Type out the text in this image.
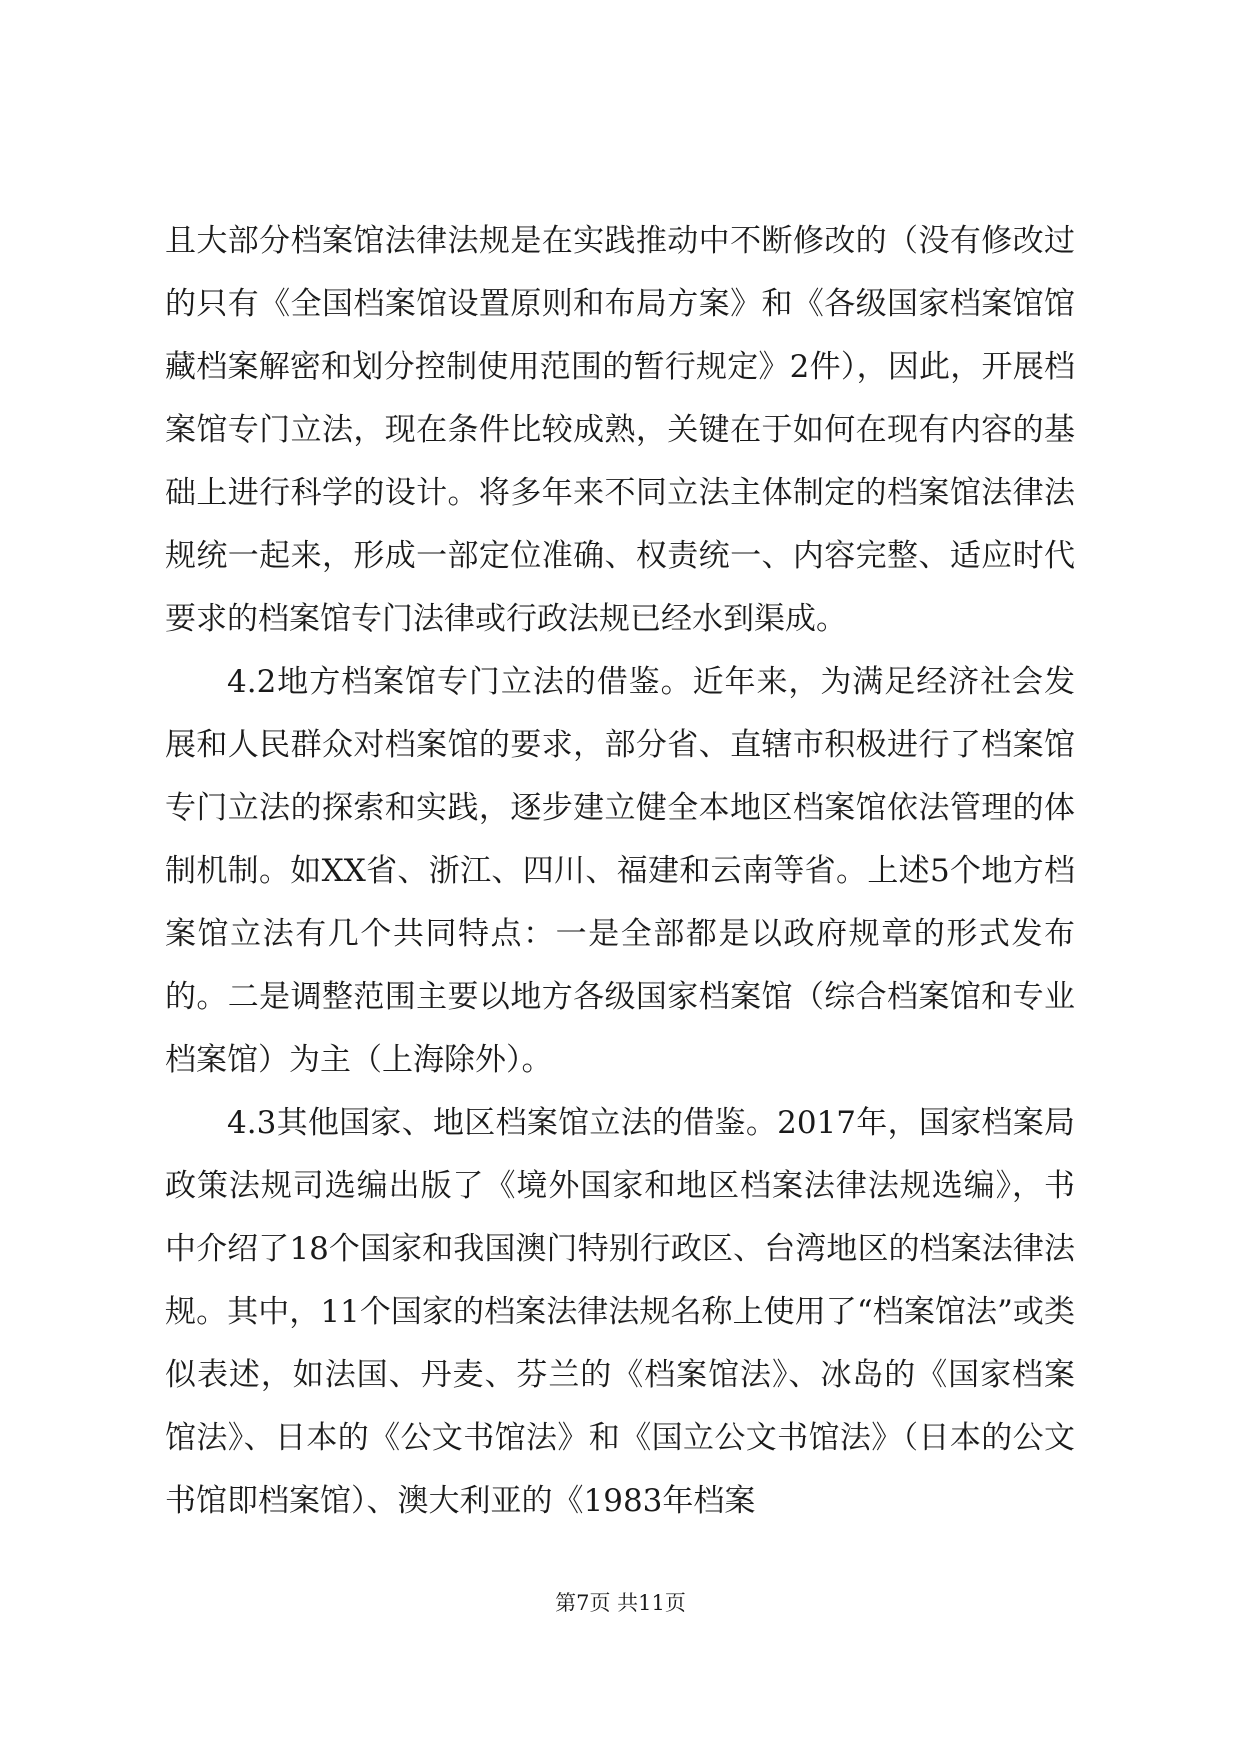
且大部分档案馆法律法规是在实践推动中不断修改的（没有修改过的只有《全国档案馆设置原则和布局方案》和《各级国家档案馆馆藏档案解密和划分控制使用范围的暂行规定》2件），因此，开展档案馆专门立法，现在条件比较成熟，关键在于如何在现有内容的基础上进行科学的设计。将多年来不同立法主体制定的档案馆法律法规统一起来，形成一部定位准确、权责统一、内容完整、适应时代要求的档案馆专门法律或行政法规已经水到渠成。

4.2地方档案馆专门立法的借鉴。近年来，为满足经济社会发展和人民群众对档案馆的要求，部分省、直辖市积极进行了档案馆专门立法的探索和实践，逐步建立健全本地区档案馆依法管理的体制机制。如XX省、浙江、四川、福建和云南等省。上述5个地方档案馆立法有几个共同特点：一是全部都是以政府规章的形式发布的。二是调整范围主要以地方各级国家档案馆（综合档案馆和专业档案馆）为主（上海除外）。

4.3其他国家、地区档案馆立法的借鉴。2017年，国家档案局政策法规司选编出版了《境外国家和地区档案法律法规选编》，书中介绍了18个国家和我国澳门特别行政区、台湾地区的档案法律法规。其中，11个国家的档案法律法规名称上使用了“档案馆法”或类似表述，如法国、丹麦、芬兰的《档案馆法》、冰岛的《国家档案馆法》、日本的《公文书馆法》和《国立公文书馆法》（日本的公文书馆即档案馆）、澳大利亚的《1983年档案

第7页 共11页
